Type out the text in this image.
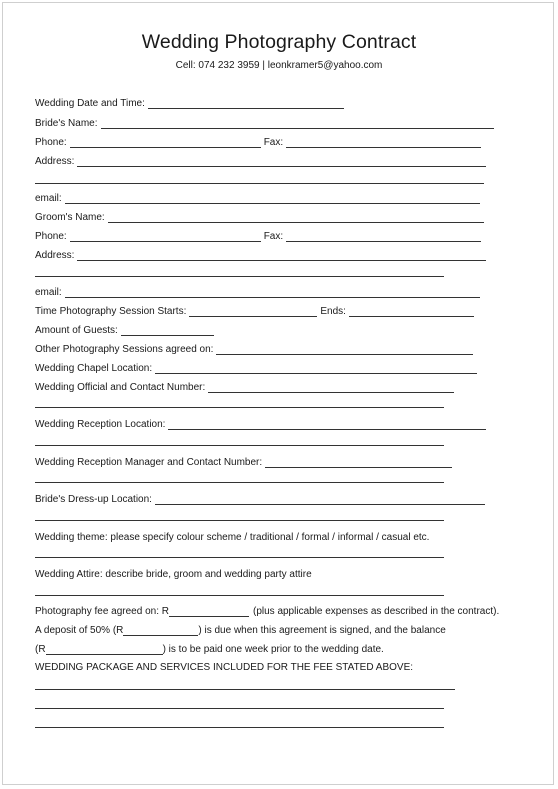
Wedding Photography Contract
Cell: 074 232 3959 | leonkramer5@yahoo.com
Wedding Date and Time:
Bride's Name:
Phone:	Fax:
Address:
email:
Groom's Name:
Phone:	Fax:
Address:
email:
Time Photography Session Starts:	Ends:
Amount of Guests:
Other Photography Sessions agreed on:
Wedding Chapel Location:
Wedding Official and Contact Number:
Wedding Reception Location:
Wedding Reception Manager and Contact Number:
Bride's Dress-up Location:
Wedding theme: please specify colour scheme / traditional / formal / informal / casual etc.
Wedding Attire: describe bride, groom and wedding party attire
Photography fee agreed on: R	(plus applicable expenses as described in the contract).
A deposit of 50% (R	) is due when this agreement is signed, and the balance
(R	) is to be paid one week prior to the wedding date.
WEDDING PACKAGE AND SERVICES INCLUDED FOR THE FEE STATED ABOVE:
